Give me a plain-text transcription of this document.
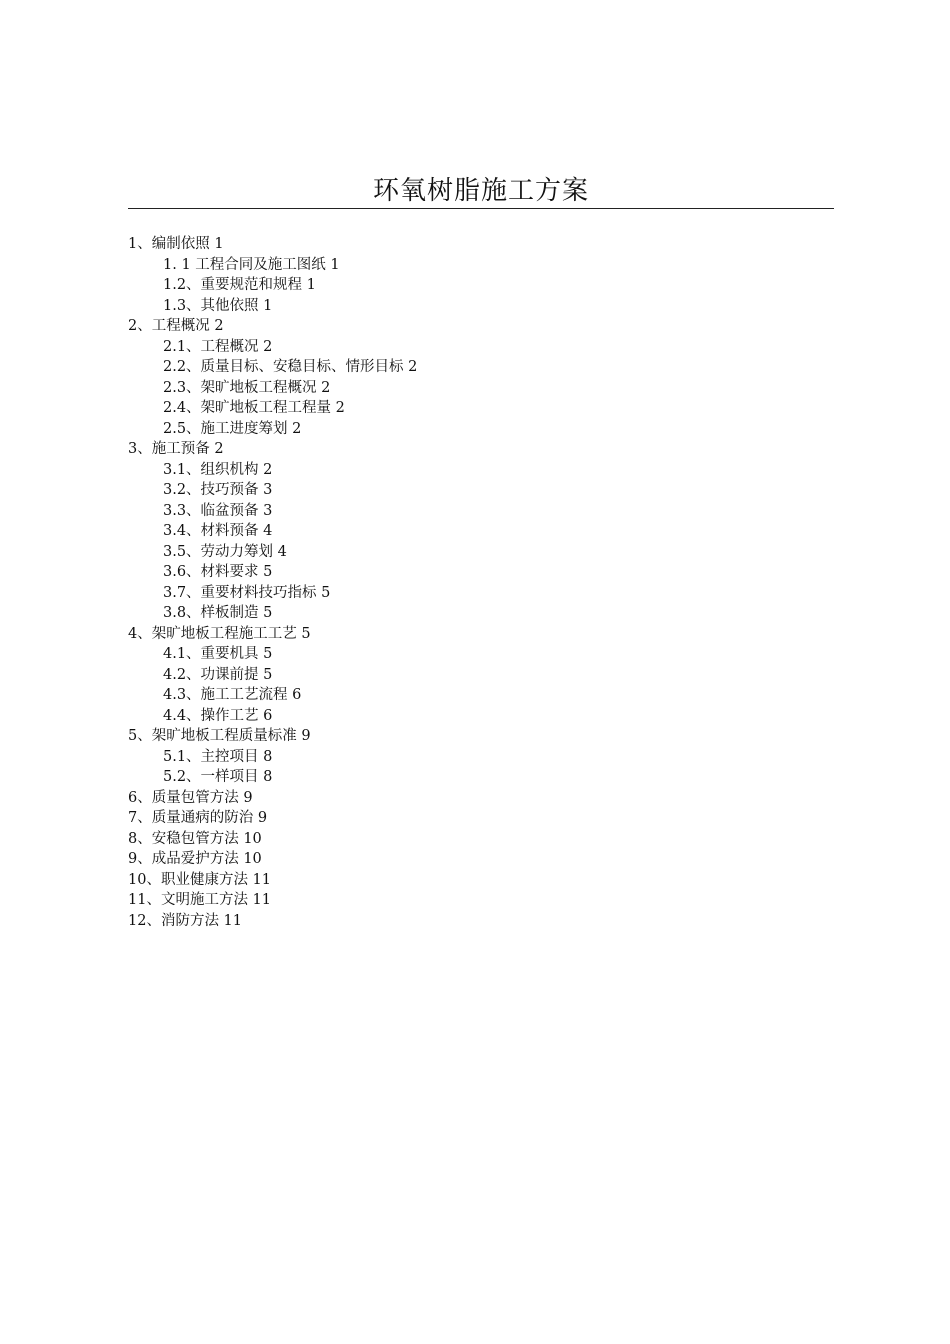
环氧树脂施工方案
1、编制依照 1
1. 1 工程合同及施工图纸 1
1.2、重要规范和规程 1
1.3、其他依照 1
2、工程概况 2
2.1、工程概况 2
2.2、质量目标、安稳目标、情形目标 2
2.3、架旷地板工程概况 2
2.4、架旷地板工程工程量 2
2.5、施工进度筹划 2
3、施工预备 2
3.1、组织机构 2
3.2、技巧预备 3
3.3、临盆预备 3
3.4、材料预备 4
3.5、劳动力筹划 4
3.6、材料要求 5
3.7、重要材料技巧指标 5
3.8、样板制造 5
4、架旷地板工程施工工艺 5
4.1、重要机具 5
4.2、功课前提 5
4.3、施工工艺流程 6
4.4、操作工艺 6
5、架旷地板工程质量标准 9
5.1、主控项目 8
5.2、一样项目 8
6、质量包管方法 9
7、质量通病的防治 9
8、安稳包管方法 10
9、成品爱护方法 10
10、职业健康方法 11
11、文明施工方法 11
12、消防方法 11
